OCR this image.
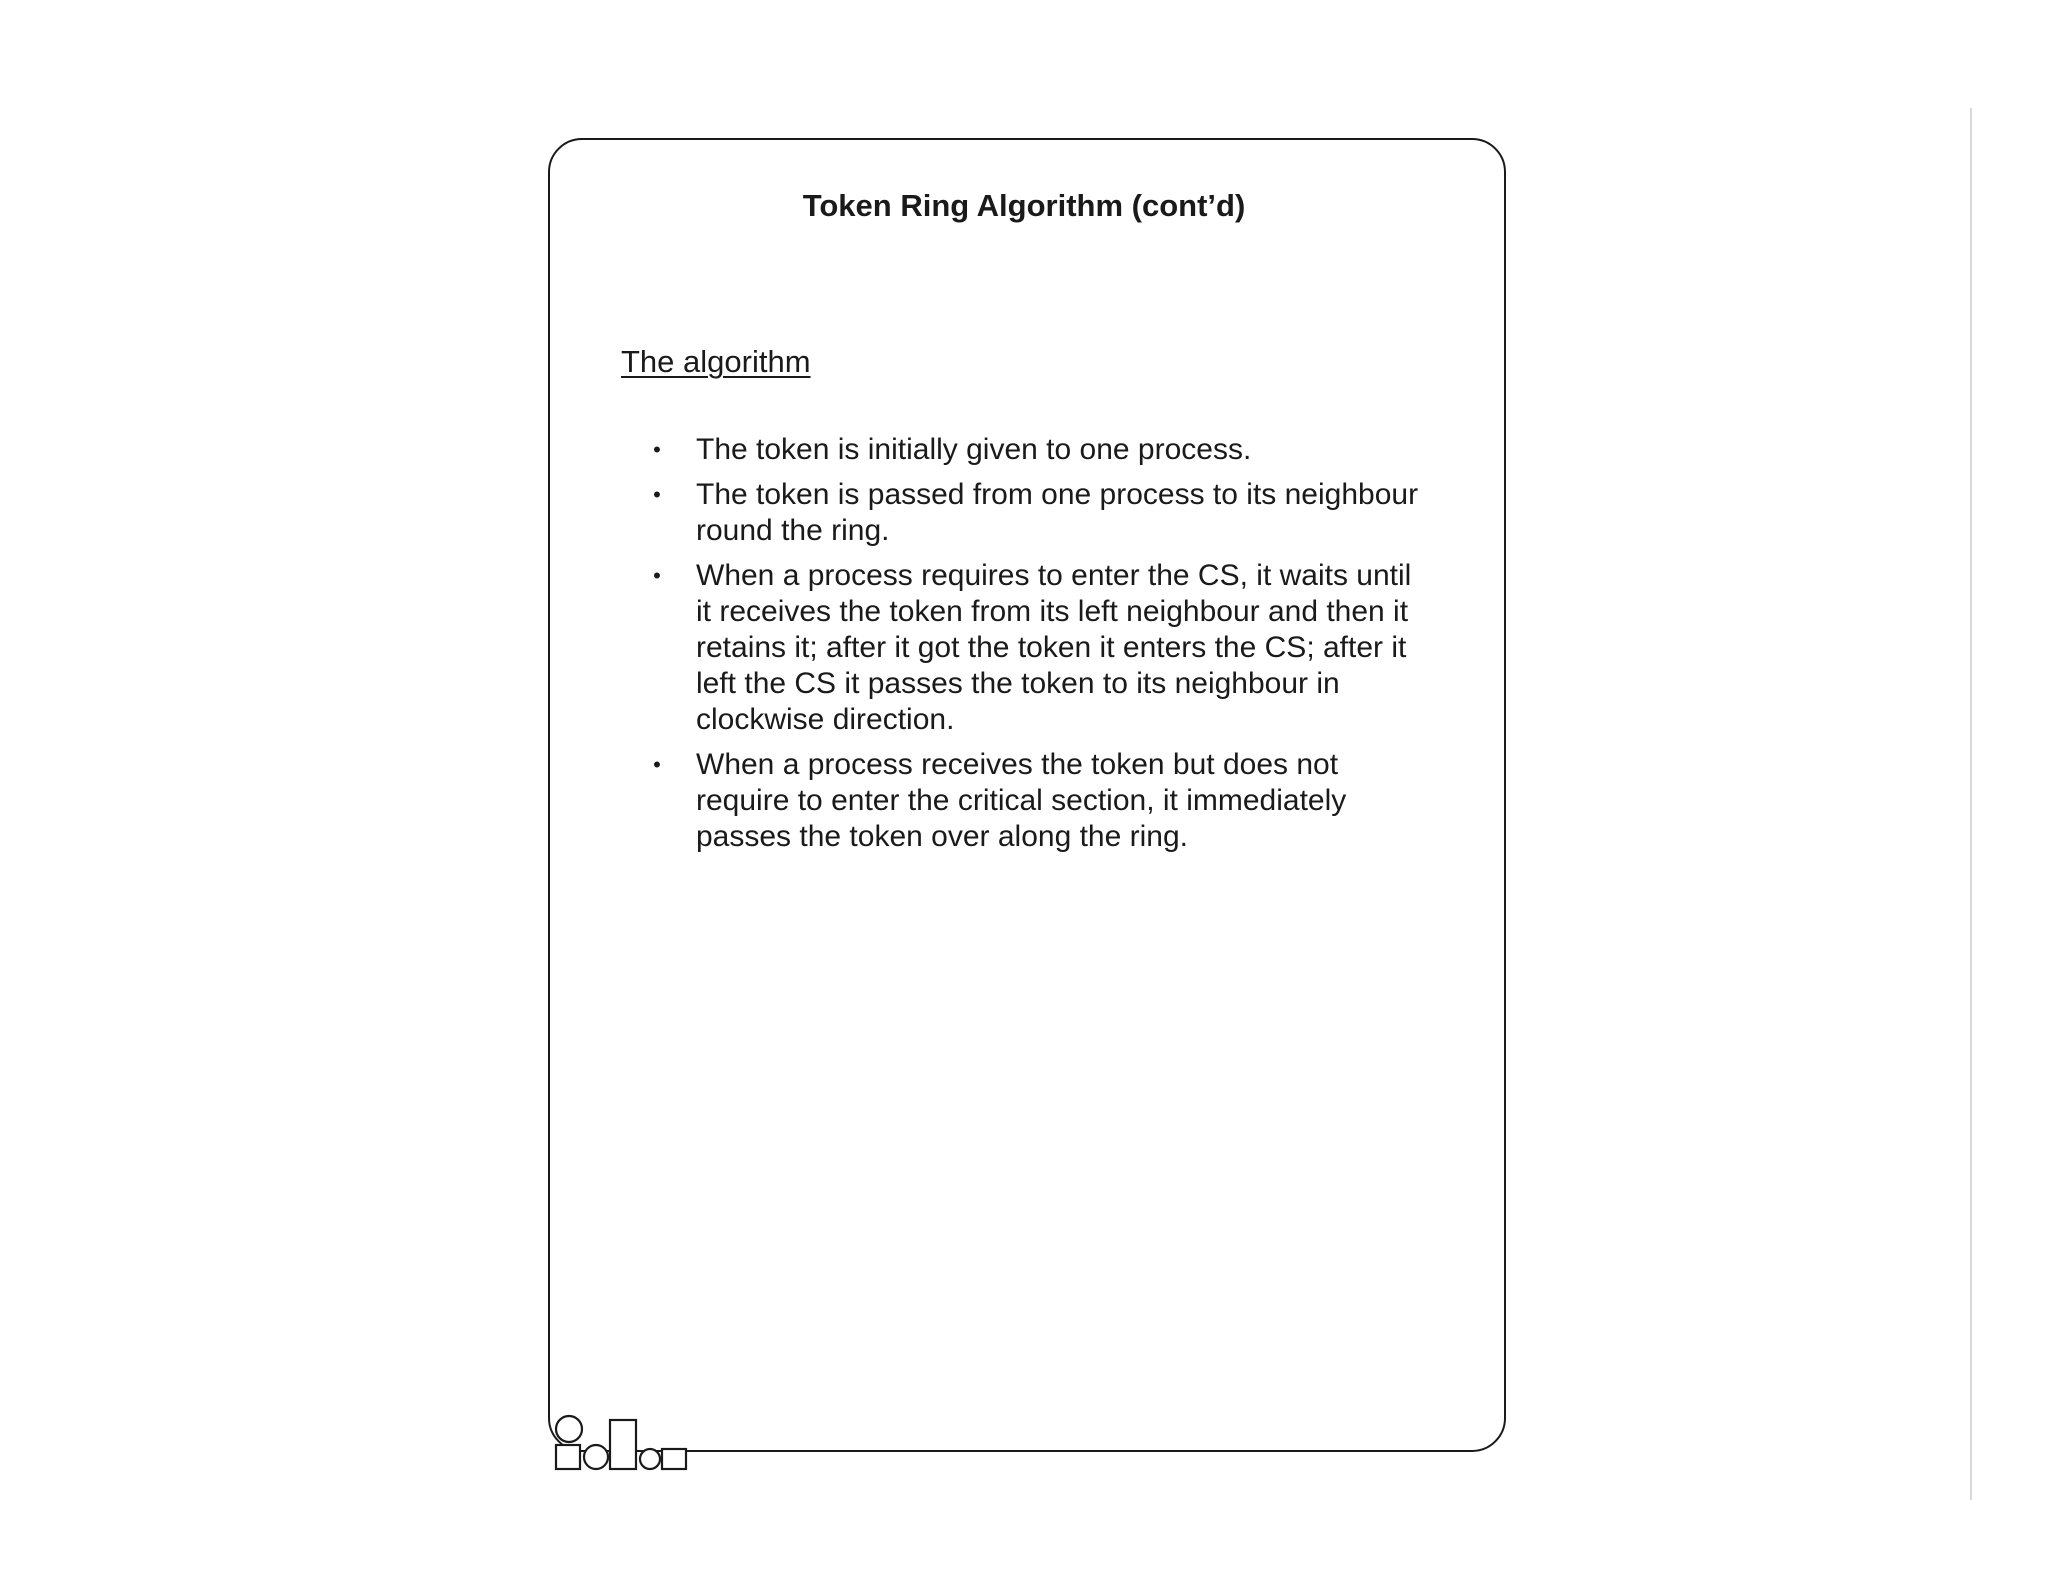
Token Ring Algorithm (cont’d)
The algorithm
• The token is initially given to one process.
• The token is passed from one process to its neighbour round the ring.
• When a process requires to enter the CS, it waits until it receives the token from its left neighbour and then it retains it; after it got the token it enters the CS; after it left the CS it passes the token to its neighbour in clockwise direction.
• When a process receives the token but does not require to enter the critical section, it immediately passes the token over along the ring.
